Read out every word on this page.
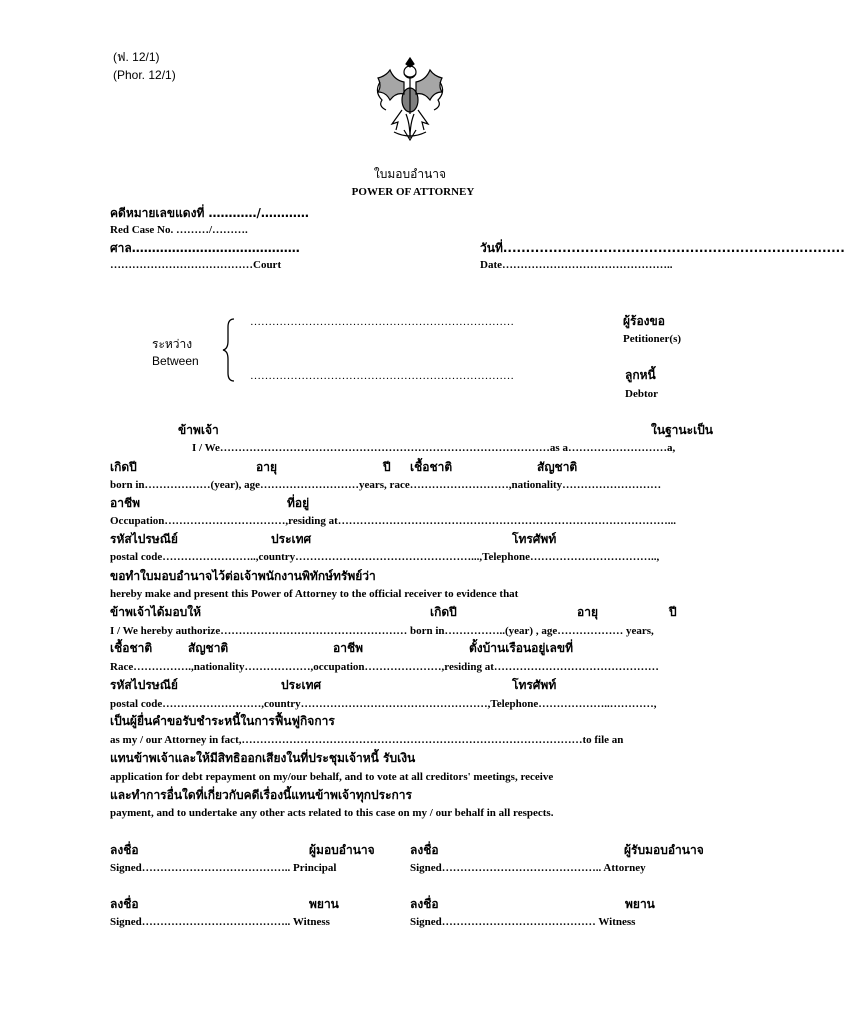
(ฟ. 12/1)
(Phor. 12/1)
ใบมอบอำนาจ
POWER OF ATTORNEY
คดีหมายเลขแดงที่ …………/…………
Red Case No. ………/……….
ศาล……………………………………
…………………………………Court
วันที่...........................................................................
Date………………………………………..
ระหว่าง
Between
………………………………………………………………	ผู้ร้องขอ
Petitioner(s)
………………………………………………………………	ลูกหนี้
Debtor
ข้าพเจ้า	ในฐานะเป็น
I / We………………………………………………………………………………as a………………………a,
เกิดปี	อายุ	ปี เชื้อชาติ	สัญชาติ
born in………………(year), age………………………years, race………………………,nationality………………………
อาชีพ	ที่อยู่
Occupation……………………………,residing at………………………………………………………………………………...
รหัสไปรษณีย์	ประเทศ	โทรศัพท์
postal code……………………..,country…………………………………………...,Telephone……………………………..,
ขอทำใบมอบอำนาจไว้ต่อเจ้าพนักงานพิทักษ์ทรัพย์ว่า
hereby make and present this Power of Attorney to the official receiver to evidence that
ข้าพเจ้าได้มอบให้	เกิดปี	อายุ	ปี
I / We hereby authorize…………………………………………… born in……………..(year) , age……………… years,
เชื้อชาติ	สัญชาติ	อาชีพ	ตั้งบ้านเรือนอยู่เลขที่
Race…………….,nationality………………,occupation…………………,residing at………………………………………
รหัสไปรษณีย์	ประเทศ	โทรศัพท์
postal code………………………,country……………………………………………,Telephone………………..…………,
เป็นผู้ยื่นคำขอรับชำระหนี้ในการฟื้นฟูกิจการ
as my / our Attorney in fact,…………………………………………………………………………………to file an
แทนข้าพเจ้าและให้มีสิทธิออกเสียงในที่ประชุมเจ้าหนี้ รับเงิน
application for debt repayment on my/our behalf, and to vote at all creditors' meetings, receive
และทำการอื่นใดที่เกี่ยวกับคดีเรื่องนี้แทนข้าพเจ้าทุกประการ
payment, and to undertake any other acts related to this case on my / our behalf in all respects.
ลงชื่อ	ผู้มอบอำนาจ	ลงชื่อ	ผู้รับมอบอำนาจ
Signed………………………………….. Principal	Signed…………………………………….. Attorney
ลงชื่อ	พยาน	ลงชื่อ	พยาน
Signed………………………………….. Witness	Signed…………………………………… Witness
